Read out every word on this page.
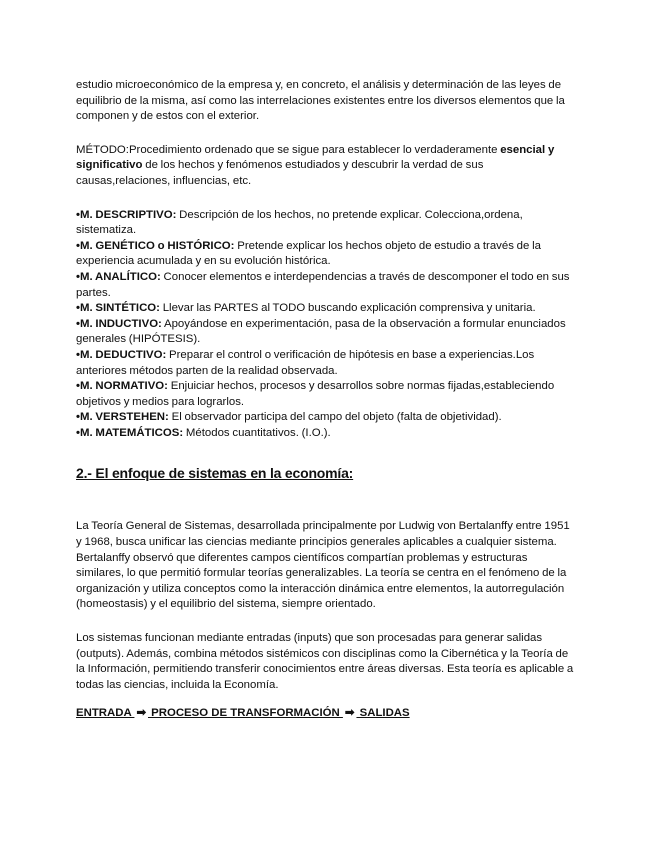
estudio microeconómico de la empresa y, en concreto, el análisis y determinación de las leyes de equilibrio de la misma, así como las interrelaciones existentes entre los diversos elementos que la componen y de estos con el exterior.

MÉTODO:Procedimiento ordenado que se sigue para establecer lo verdaderamente esencial y significativo de los hechos y fenómenos estudiados y descubrir la verdad de sus causas,relaciones, influencias, etc.

•M. DESCRIPTIVO: Descripción de los hechos, no pretende explicar. Colecciona,ordena, sistematiza.

•M. GENÉTICO o HISTÓRICO: Pretende explicar los hechos objeto de estudio a través de la experiencia acumulada y en su evolución histórica.

•M. ANALÍTICO: Conocer elementos e interdependencias a través de descomponer el todo en sus partes.

•M. SINTÉTICO: Llevar las PARTES al TODO buscando explicación comprensiva y unitaria.

•M. INDUCTIVO: Apoyándose en experimentación, pasa de la observación a formular enunciados generales (HIPÓTESIS).

•M. DEDUCTIVO: Preparar el control o verificación de hipótesis en base a experiencias.Los anteriores métodos parten de la realidad observada.

•M. NORMATIVO: Enjuiciar hechos, procesos y desarrollos sobre normas fijadas,estableciendo objetivos y medios para lograrlos.

•M. VERSTEHEN: El observador participa del campo del objeto (falta de objetividad).

•M. MATEMÁTICOS: Métodos cuantitativos. (I.O.).

2.- El enfoque de sistemas en la economía:

La Teoría General de Sistemas, desarrollada principalmente por Ludwig von Bertalanffy entre 1951 y 1968, busca unificar las ciencias mediante principios generales aplicables a cualquier sistema. Bertalanffy observó que diferentes campos científicos compartían problemas y estructuras similares, lo que permitió formular teorías generalizables. La teoría se centra en el fenómeno de la organización y utiliza conceptos como la interacción dinámica entre elementos, la autorregulación (homeostasis) y el equilibrio del sistema, siempre orientado.

Los sistemas funcionan mediante entradas (inputs) que son procesadas para generar salidas (outputs). Además, combina métodos sistémicos con disciplinas como la Cibernética y la Teoría de la Información, permitiendo transferir conocimientos entre áreas diversas. Esta teoría es aplicable a todas las ciencias, incluida la Economía.

ENTRADA ➡ PROCESO DE TRANSFORMACIÓN ➡ SALIDAS
